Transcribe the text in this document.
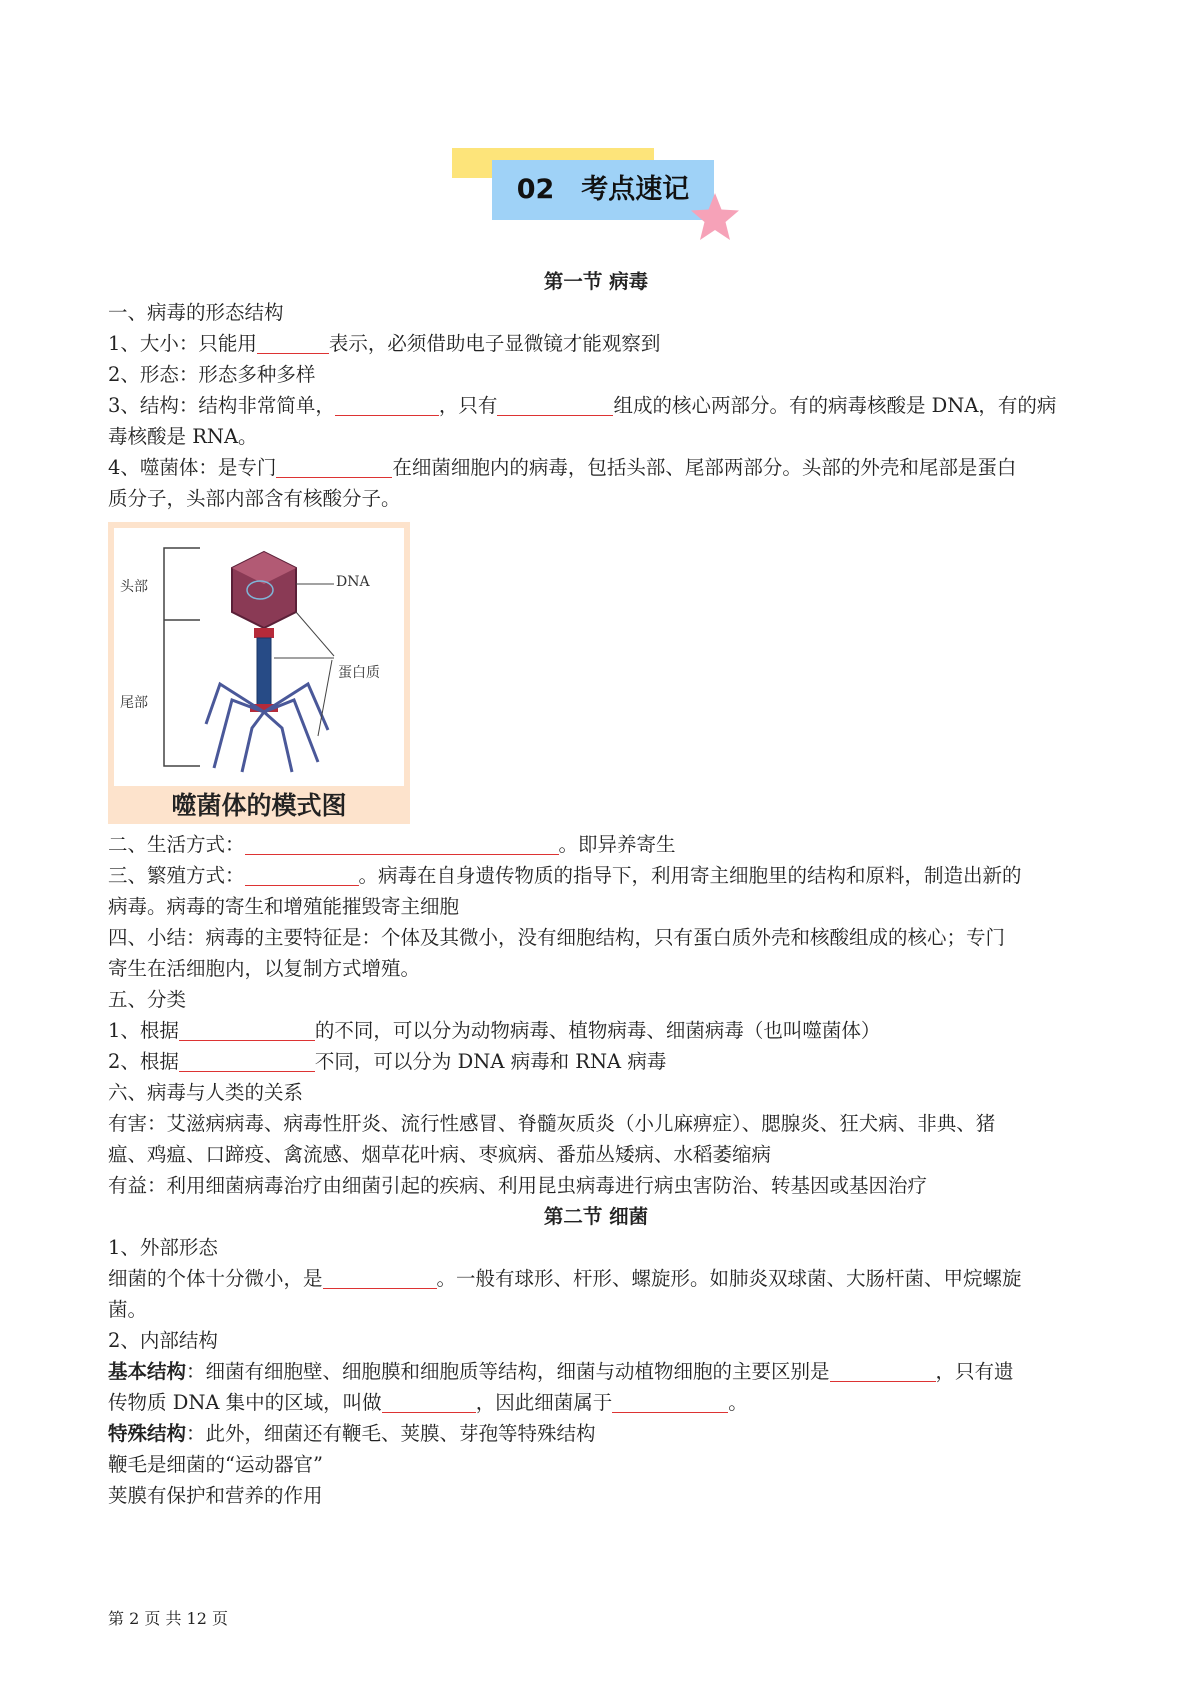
02　考点速记
第一节 病毒
一、病毒的形态结构
1、大小：只能用	表示，必须借助电子显微镜才能观察到
2、形态：形态多种多样
3、结构：结构非常简单，	，只有	组成的核心两部分。有的病毒核酸是 DNA，有的病
毒核酸是 RNA。
4、噬菌体：是专门	在细菌细胞内的病毒，包括头部、尾部两部分。头部的外壳和尾部是蛋白
质分子，头部内部含有核酸分子。
头部
尾部
DNA
蛋白质
噬菌体的模式图
二、生活方式：	。即异养寄生
三、繁殖方式：	。病毒在自身遗传物质的指导下，利用寄主细胞里的结构和原料，制造出新的
病毒。病毒的寄生和增殖能摧毁寄主细胞
四、小结：病毒的主要特征是：个体及其微小，没有细胞结构，只有蛋白质外壳和核酸组成的核心；专门
寄生在活细胞内，以复制方式增殖。
五、分类
1、根据	的不同，可以分为动物病毒、植物病毒、细菌病毒（也叫噬菌体）
2、根据	不同，可以分为 DNA 病毒和 RNA 病毒
六、病毒与人类的关系
有害：艾滋病病毒、病毒性肝炎、流行性感冒、脊髓灰质炎（小儿麻痹症）、腮腺炎、狂犬病、非典、猪
瘟、鸡瘟、口蹄疫、禽流感、烟草花叶病、枣疯病、番茄丛矮病、水稻萎缩病
有益：利用细菌病毒治疗由细菌引起的疾病、利用昆虫病毒进行病虫害防治、转基因或基因治疗
第二节 细菌
1、外部形态
细菌的个体十分微小，是	。一般有球形、杆形、螺旋形。如肺炎双球菌、大肠杆菌、甲烷螺旋
菌。
2、内部结构
基本结构：细菌有细胞壁、细胞膜和细胞质等结构，细菌与动植物细胞的主要区别是	，只有遗
传物质 DNA 集中的区域，叫做	，因此细菌属于	。
特殊结构：此外，细菌还有鞭毛、荚膜、芽孢等特殊结构
鞭毛是细菌的“运动器官”
荚膜有保护和营养的作用
第 2 页 共 12 页
